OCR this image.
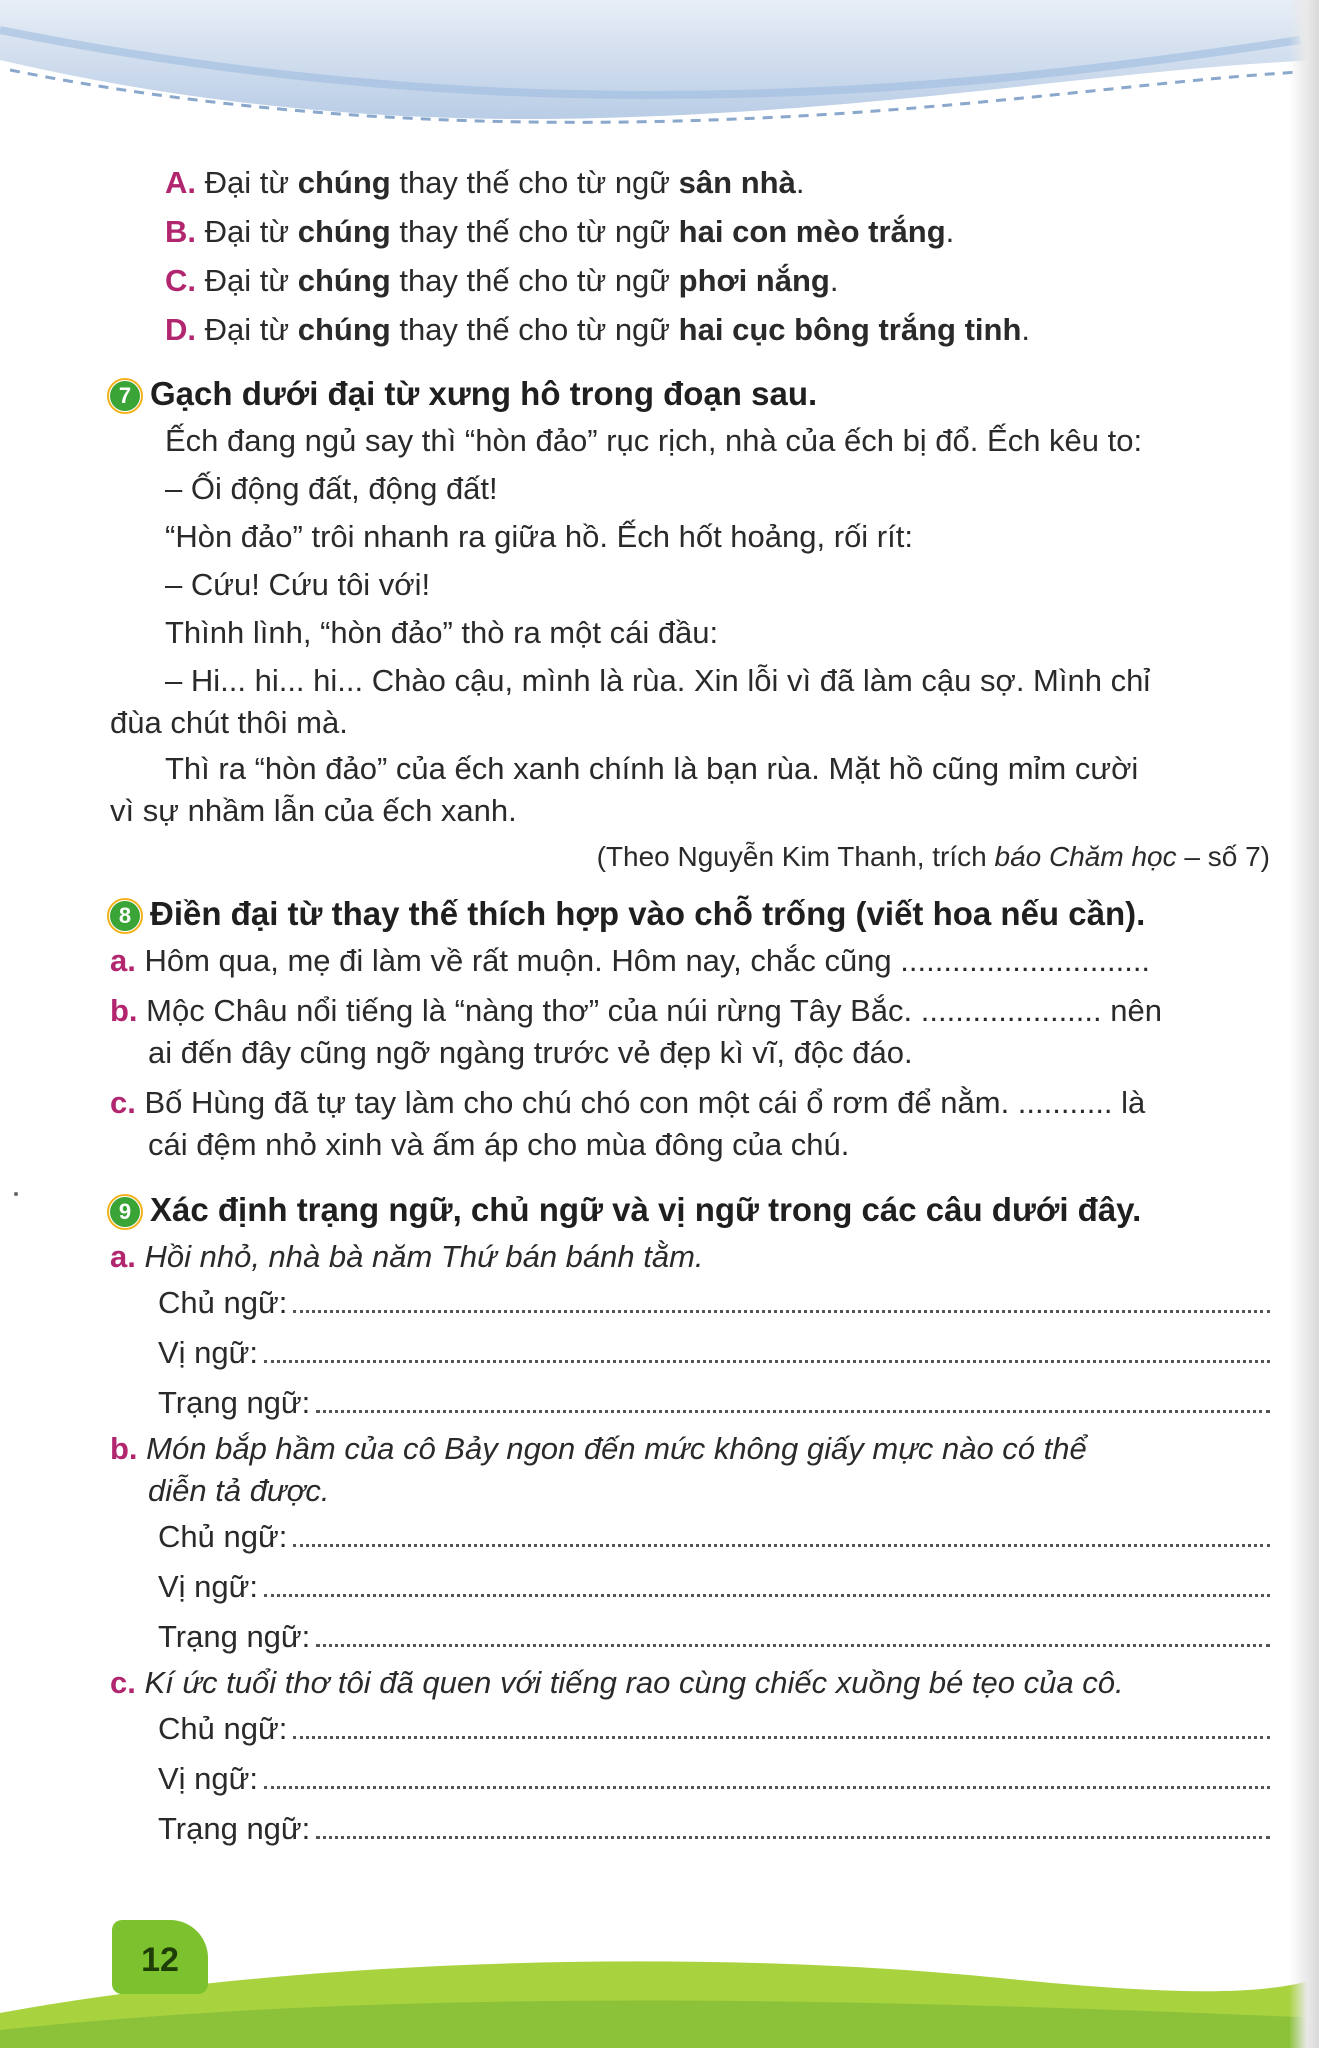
A. Đại từ chúng thay thế cho từ ngữ sân nhà.
B. Đại từ chúng thay thế cho từ ngữ hai con mèo trắng.
C. Đại từ chúng thay thế cho từ ngữ phơi nắng.
D. Đại từ chúng thay thế cho từ ngữ hai cục bông trắng tinh.
7 Gạch dưới đại từ xưng hô trong đoạn sau.
Ếch đang ngủ say thì “hòn đảo” rục rịch, nhà của ếch bị đổ. Ếch kêu to:
– Ối động đất, động đất!
“Hòn đảo” trôi nhanh ra giữa hồ. Ếch hốt hoảng, rối rít:
– Cứu! Cứu tôi với!
Thình lình, “hòn đảo” thò ra một cái đầu:
– Hi... hi... hi... Chào cậu, mình là rùa. Xin lỗi vì đã làm cậu sợ. Mình chỉ
đùa chút thôi mà.
Thì ra “hòn đảo” của ếch xanh chính là bạn rùa. Mặt hồ cũng mỉm cười
vì sự nhầm lẫn của ếch xanh.
(Theo Nguyễn Kim Thanh, trích báo Chăm học – số 7)
8 Điền đại từ thay thế thích hợp vào chỗ trống (viết hoa nếu cần).
a. Hôm qua, mẹ đi làm về rất muộn. Hôm nay, chắc cũng .............................
b. Mộc Châu nổi tiếng là “nàng thơ” của núi rừng Tây Bắc. ..................... nên
ai đến đây cũng ngỡ ngàng trước vẻ đẹp kì vĩ, độc đáo.
c. Bố Hùng đã tự tay làm cho chú chó con một cái ổ rơm để nằm. ........... là
cái đệm nhỏ xinh và ấm áp cho mùa đông của chú.
9 Xác định trạng ngữ, chủ ngữ và vị ngữ trong các câu dưới đây.
a. Hồi nhỏ, nhà bà năm Thứ bán bánh tằm.
Chủ ngữ:
Vị ngữ:
Trạng ngữ:
b. Món bắp hầm của cô Bảy ngon đến mức không giấy mực nào có thể
diễn tả được.
Chủ ngữ:
Vị ngữ:
Trạng ngữ:
c. Kí ức tuổi thơ tôi đã quen với tiếng rao cùng chiếc xuồng bé tẹo của cô.
Chủ ngữ:
Vị ngữ:
Trạng ngữ:
12
